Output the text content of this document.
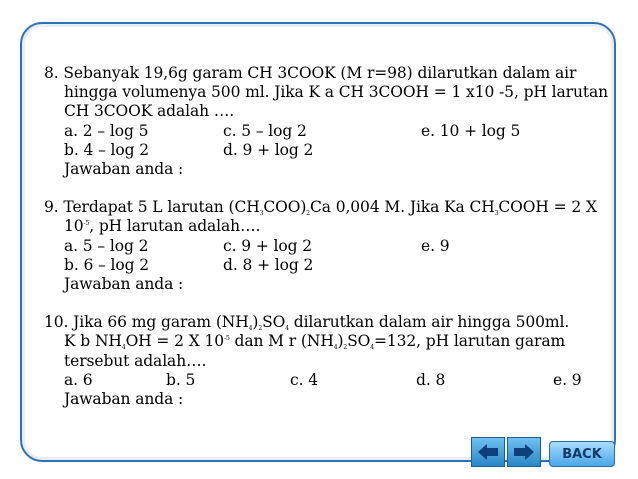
8. Sebanyak 19,6g garam CH 3COOK (M r=98) dilarutkan dalam air
hingga volumenya 500 ml. Jika K a CH 3COOH = 1 x10 -5, pH larutan
CH 3COOK adalah ….
a. 2 – log 5	c. 5 – log 2	e. 10 + log 5
b. 4 – log 2	d. 9 + log 2
Jawaban anda :
9. Terdapat 5 L larutan $(CH_3COO)_2Ca$ 0,004 M. Jika Ka $CH_3COOH = 2$ X
$10^{-5}$, pH larutan adalah….
a. 5 – log 2	c. 9 + log 2	e. 9
b. 6 – log 2	d. 8 + log 2
Jawaban anda :
10. Jika 66 mg garam $(NH_4)_2SO_4$ dilarutkan dalam air hingga 500ml.
K b $NH_4OH = 2$ X $10^{-5}$ dan M r $(NH_4)_2SO_4=132$, pH larutan garam
tersebut adalah….
a. 6	b. 5	c. 4	d. 8	e. 9
Jawaban anda :
BACK
